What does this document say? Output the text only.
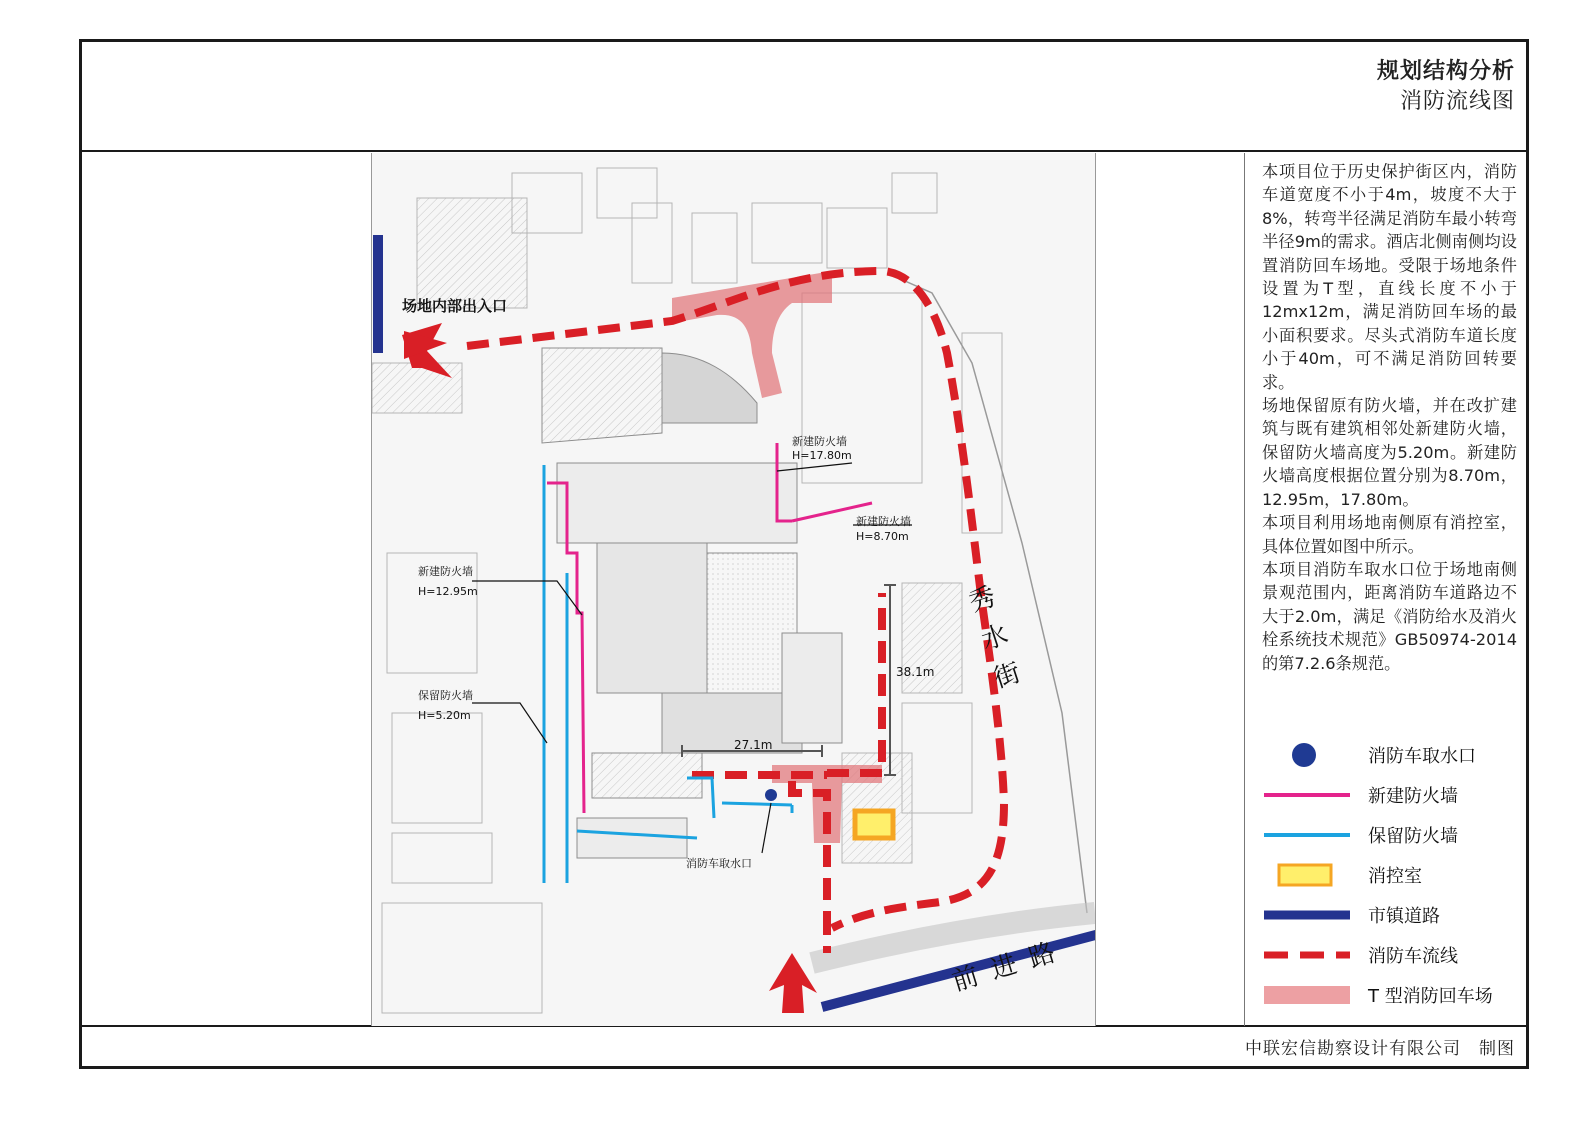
规划结构分析
消防流线图
场地内部出入口
新建防火墙
H=17.80m
新建防火墙
H=8.70m
新建防火墙
H=12.95m
保留防火墙
H=5.20m
38.1m
27.1m
消防车取水口
秀水街
前进路

本项目位于历史保护街区内，消防车道宽度不小于4m，坡度不大于8%，转弯半径满足消防车最小转弯半径9m的需求。酒店北侧南侧均设置消防回车场地。受限于场地条件设置为T型，直线长度不小于12mx12m，满足消防回车场的最小面积要求。尽头式消防车道长度小于40m，可不满足消防回转要求。

场地保留原有防火墙，并在改扩建筑与既有建筑相邻处新建防火墙，保留防火墙高度为5.20m。新建防火墙高度根据位置分别为8.70m，12.95m，17.80m。

本项目利用场地南侧原有消控室，具体位置如图中所示。

本项目消防车取水口位于场地南侧景观范围内，距离消防车道路边不大于2.0m，满足《消防给水及消火栓系统技术规范》GB50974-2014的第7.2.6条规范。

消防车取水口
新建防火墙
保留防火墙
消控室
市镇道路
消防车流线
T 型消防回车场
中联宏信勘察设计有限公司　制图
